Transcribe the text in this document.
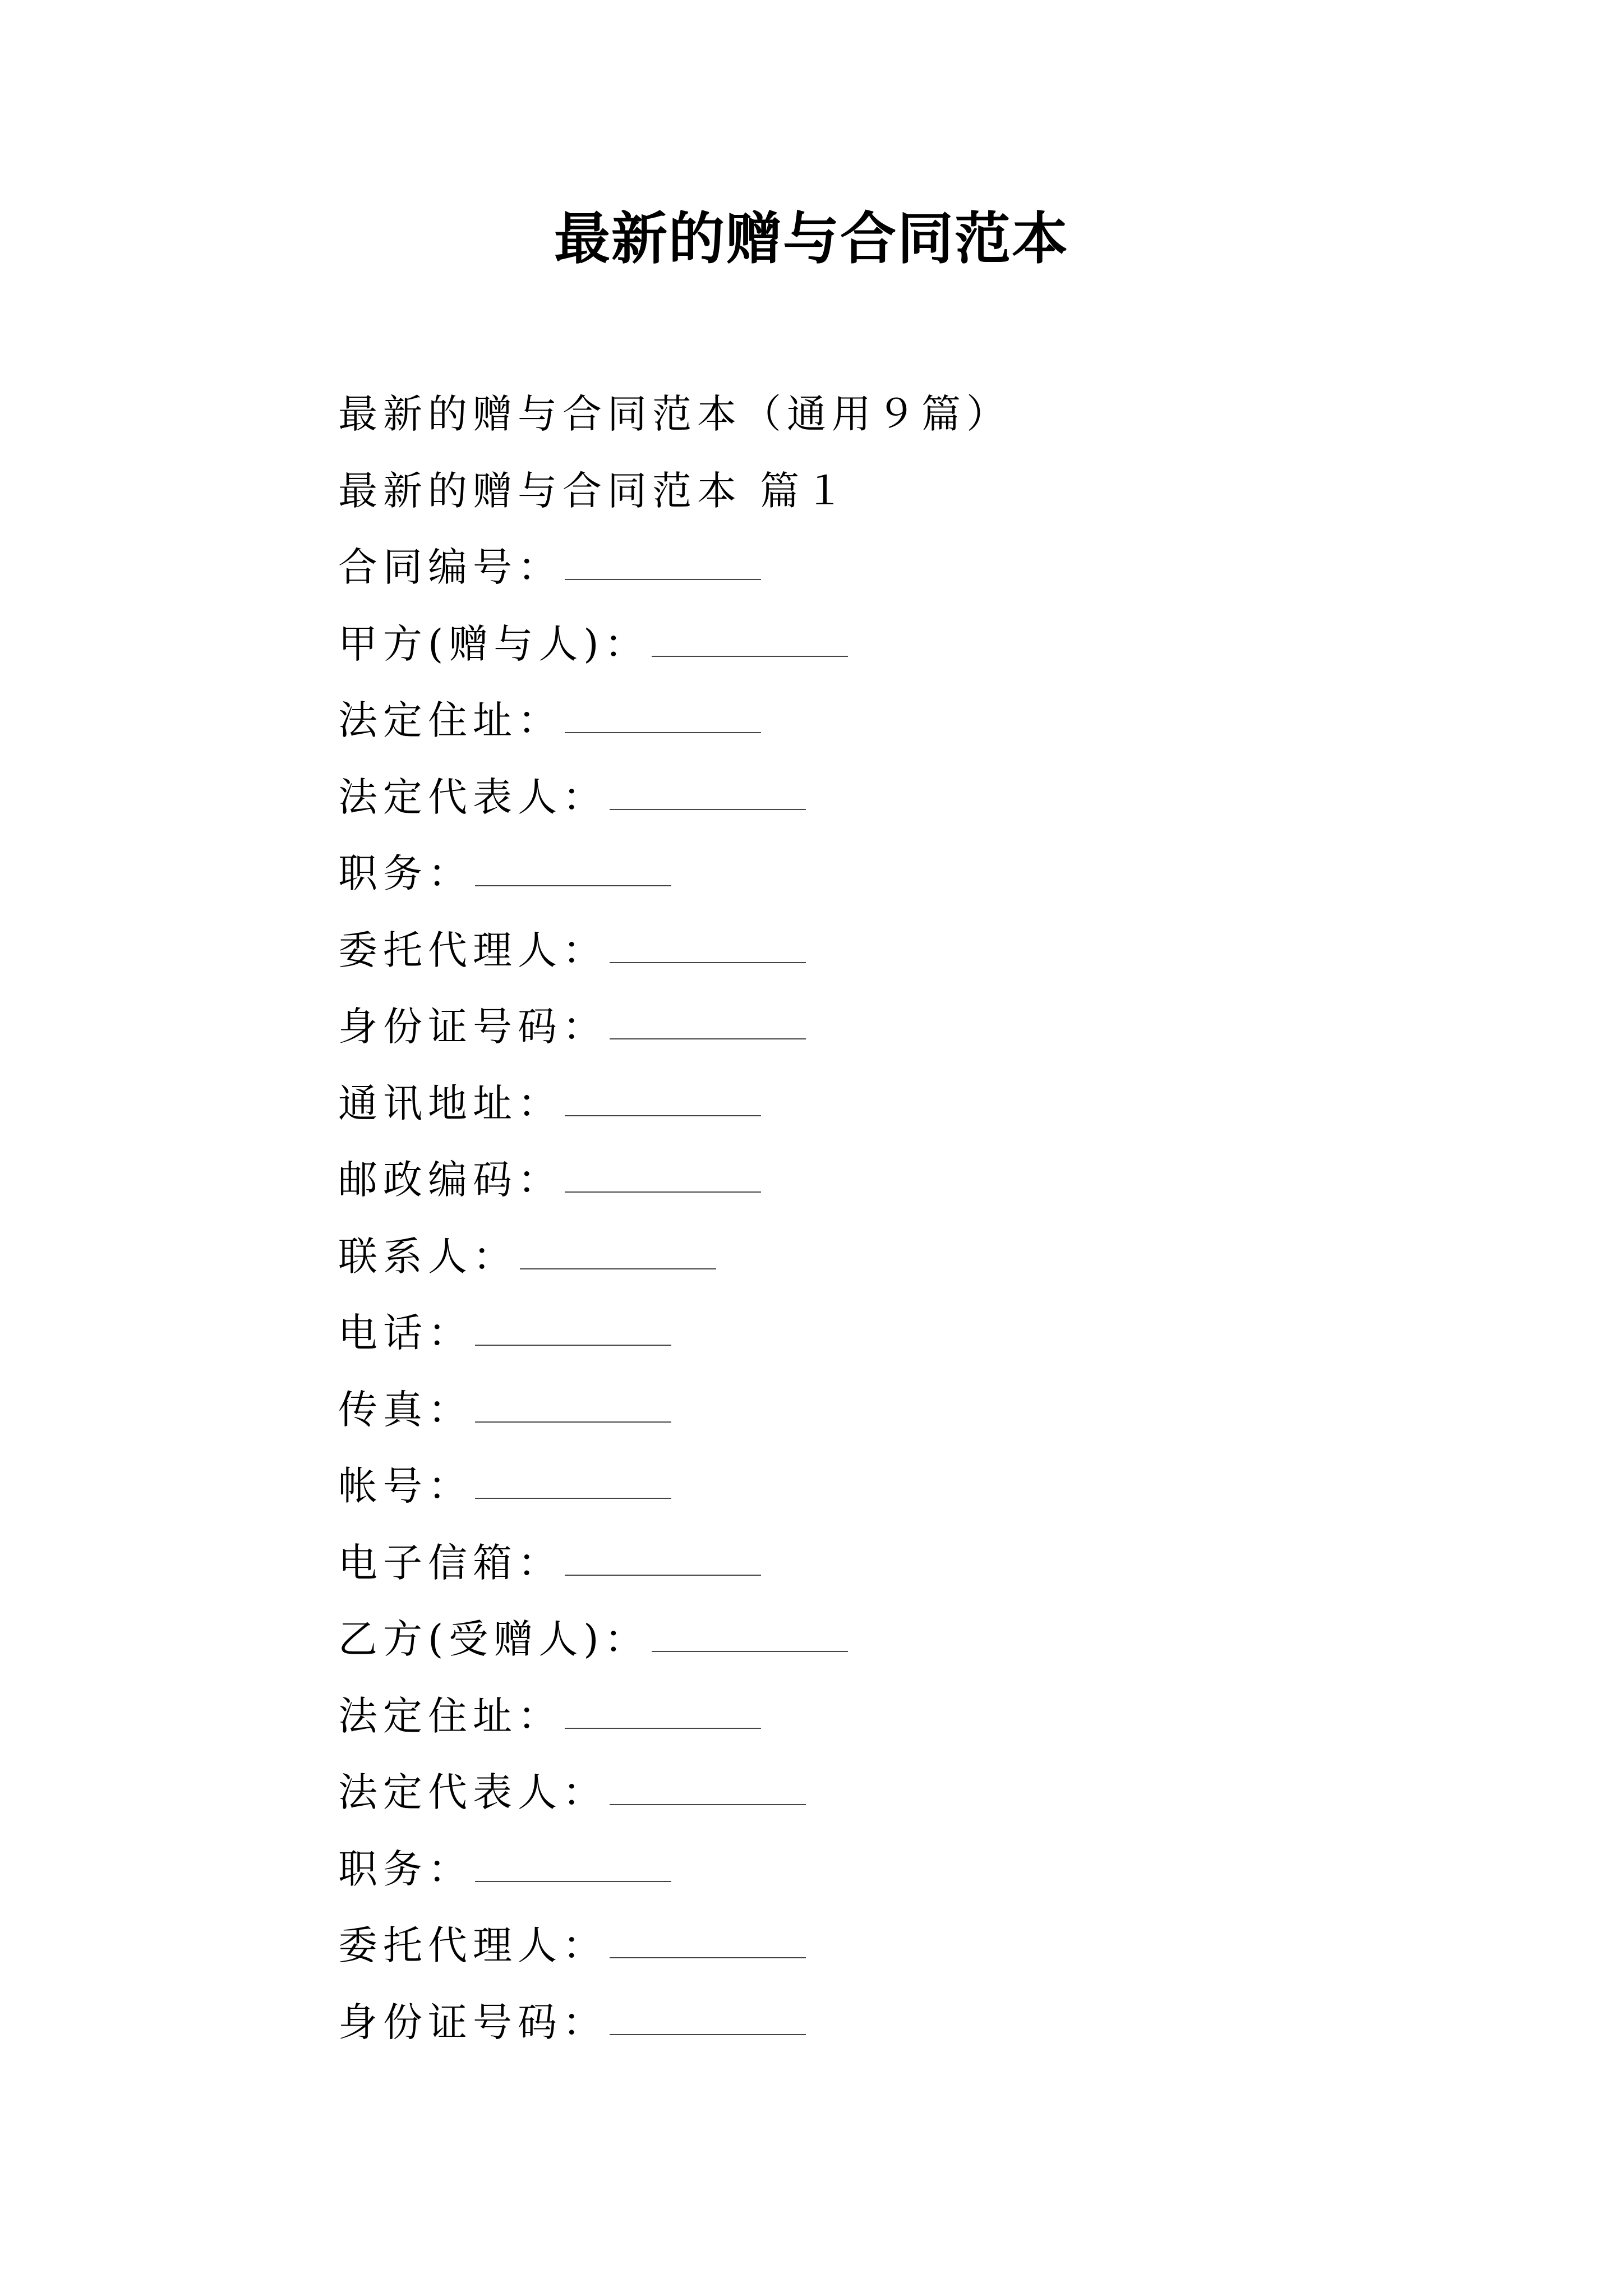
最新的赠与合同范本
最新的赠与合同范本（通用９篇）
最新的赠与合同范本 篇１
合同编号：
甲方(赠与人)：
法定住址：
法定代表人：
职务：
委托代理人：
身份证号码：
通讯地址：
邮政编码：
联系人：
电话：
传真：
帐号：
电子信箱：
乙方(受赠人)：
法定住址：
法定代表人：
职务：
委托代理人：
身份证号码：
